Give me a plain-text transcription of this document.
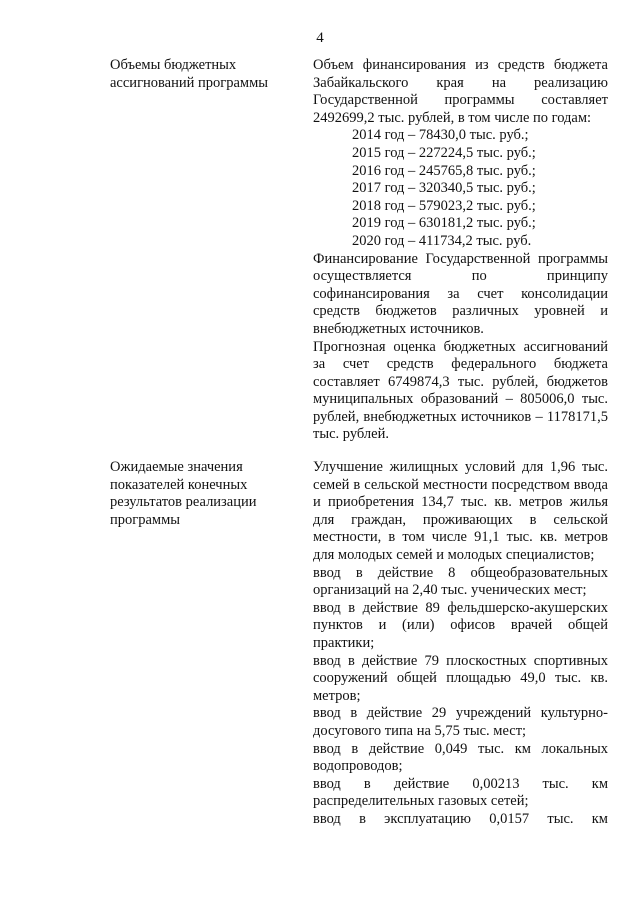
4
Объемы бюджетных ассигнований программы

Объем финансирования из средств бюджета Забайкальского края на реализацию Государственной программы составляет 2492699,2 тыс. рублей, в том числе по годам:

2014 год – 78430,0 тыс. руб.;

2015 год – 227224,5 тыс. руб.;

2016 год – 245765,8 тыс. руб.;

2017 год – 320340,5 тыс. руб.;

2018 год – 579023,2 тыс. руб.;

2019 год – 630181,2 тыс. руб.;

2020 год – 411734,2 тыс. руб.

Финансирование Государственной программы осуществляется по принципу софинансирования за счет консолидации средств бюджетов различных уровней и внебюджетных источников.

Прогнозная оценка бюджетных ассигнований за счет средств федерального бюджета составляет 6749874,3 тыс. рублей, бюджетов муниципальных образований – 805006,0 тыс. рублей, внебюджетных источников – 1178171,5 тыс. рублей.

Ожидаемые значения показателей конечных результатов реализации программы

Улучшение жилищных условий для 1,96 тыс. семей в сельской местности посредством ввода и приобретения 134,7 тыс. кв. метров жилья для граждан, проживающих в сельской местности, в том числе 91,1 тыс. кв. метров для молодых семей и молодых специалистов;

ввод в действие 8 общеобразовательных организаций на 2,40 тыс. ученических мест;

ввод в действие 89 фельдшерско-акушерских пунктов и (или) офисов врачей общей практики;

ввод в действие 79 плоскостных спортивных сооружений общей площадью 49,0 тыс. кв. метров;

ввод в действие 29 учреждений культурно-досугового типа на 5,75 тыс. мест;

ввод в действие 0,049 тыс. км локальных водопроводов;

ввод в действие 0,00213 тыс. км распределительных газовых сетей;

ввод в эксплуатацию 0,0157 тыс. км
